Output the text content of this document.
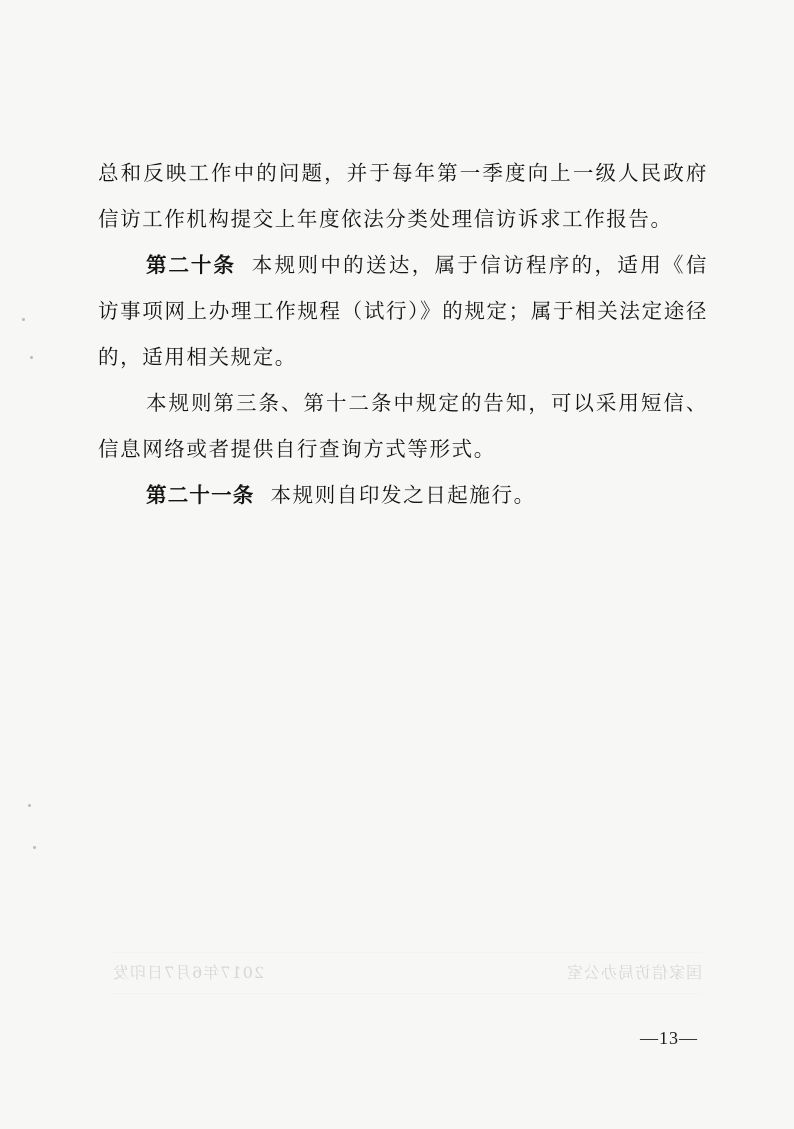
总和反映工作中的问题，并于每年第一季度向上一级人民政府信访工作机构提交上年度依法分类处理信访诉求工作报告。

第二十条 本规则中的送达，属于信访程序的，适用《信访事项网上办理工作规程（试行）》的规定；属于相关法定途径的，适用相关规定。

本规则第三条、第十二条中规定的告知，可以采用短信、信息网络或者提供自行查询方式等形式。

第二十一条 本规则自印发之日起施行。

国家信访局办公室
2017年6月7日印发
—13—
